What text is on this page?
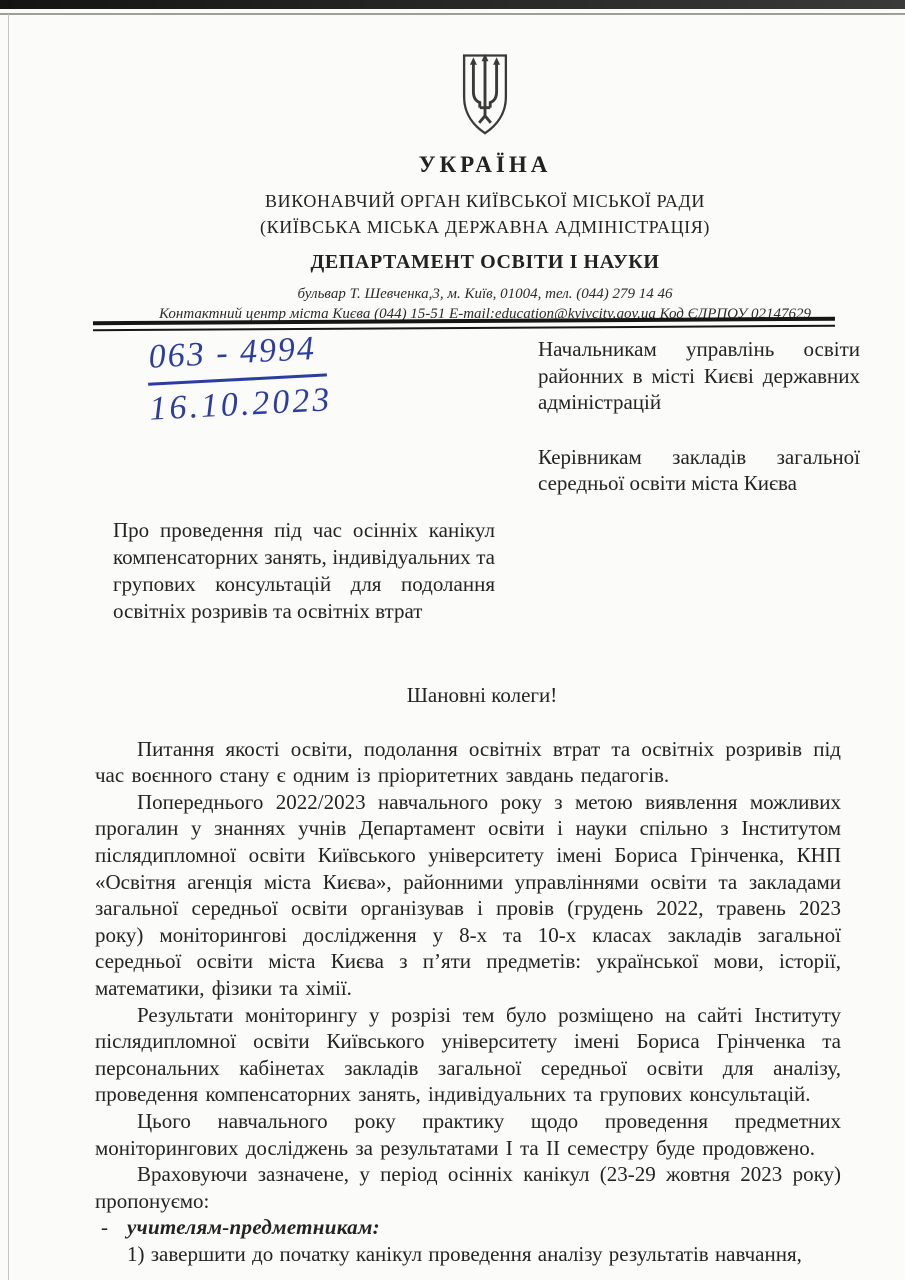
УКРАЇНА
ВИКОНАВЧИЙ ОРГАН КИЇВСЬКОЇ МІСЬКОЇ РАДИ
(КИЇВСЬКА МІСЬКА ДЕРЖАВНА АДМІНІСТРАЦІЯ)
ДЕПАРТАМЕНТ ОСВІТИ І НАУКИ
бульвар Т. Шевченка,3, м. Київ, 01004, тел. (044) 279 14 46
Контактний центр міста Києва (044) 15-51 E-mail:education@kyivcity.gov.ua Код ЄДРПОУ 02147629
063 - 4994
16.10.2023

Начальникам управлінь освіти районних в місті Києві державних адміністрацій

Керівникам закладів загальної середньої освіти міста Києва

Про проведення під час осінніх канікул компенсаторних занять, індивідуальних та групових консультацій для подолання освітніх розривів та освітніх втрат
Шановні колеги!

Питання якості освіти, подолання освітніх втрат та освітніх розривів під час воєнного стану є одним із пріоритетних завдань педагогів.

Попереднього 2022/2023 навчального року з метою виявлення можливих прогалин у знаннях учнів Департамент освіти і науки спільно з Інститутом післядипломної освіти Київського університету імені Бориса Грінченка, КНП «Освітня агенція міста Києва», районними управліннями освіти та закладами загальної середньої освіти організував і провів (грудень 2022, травень 2023 року) моніторингові дослідження у 8-х та 10-х класах закладів загальної середньої освіти міста Києва з п’яти предметів: української мови, історії, математики, фізики та хімії.

Результати моніторингу у розрізі тем було розміщено на сайті Інституту післядипломної освіти Київського університету імені Бориса Грінченка та персональних кабінетах закладів загальної середньої освіти для аналізу, проведення компенсаторних занять, індивідуальних та групових консультацій.

Цього навчального року практику щодо проведення предметних моніторингових досліджень за результатами І та ІІ семестру буде продовжено.

Враховуючи зазначене, у період осінніх канікул (23-29 жовтня 2023 року) пропонуємо:

- учителям-предметникам:

1) завершити до початку канікул проведення аналізу результатів навчання,
